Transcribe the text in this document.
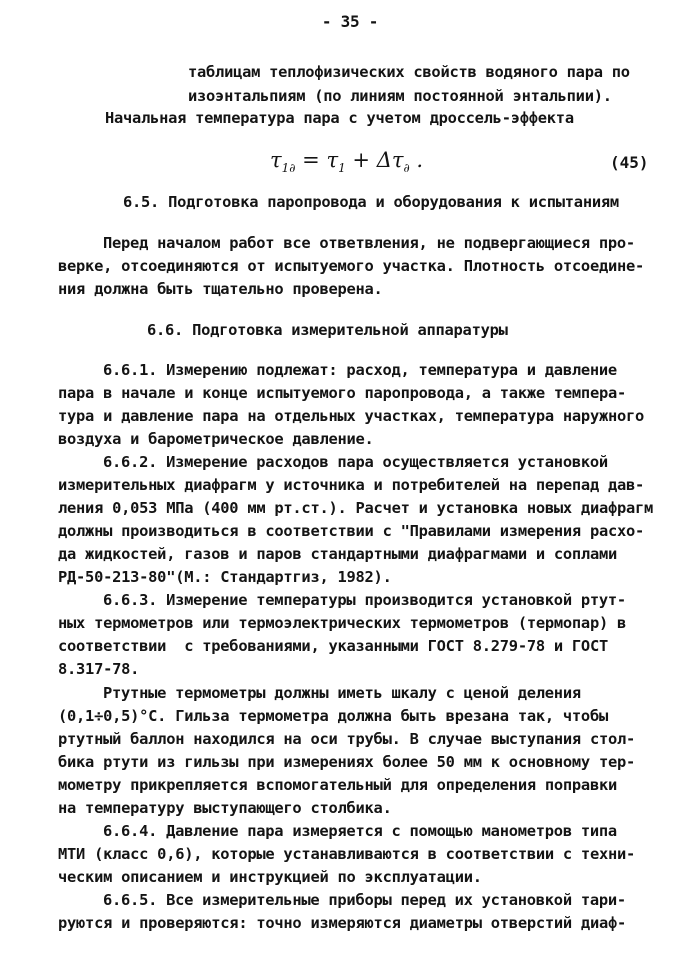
- 35 -
таблицам теплофизических свойств водяного пара по
изоэнтальпиям (по линиям постоянной энтальпии).
Начальная температура пара с учетом дроссель-эффекта
$\tau_{1\partial} = \tau_1 + \Delta\tau_\partial$ .	(45)
6.5. Подготовка паропровода и оборудования к испытаниям
Перед началом работ все ответвления, не подвергающиеся про-
верке, отсоединяются от испытуемого участка. Плотность отсоедине-
ния должна быть тщательно проверена.
6.6. Подготовка измерительной аппаратуры
6.6.1. Измерению подлежат: расход, температура и давление
пара в начале и конце испытуемого паропровода, а также темпера-
тура и давление пара на отдельных участках, температура наружного
воздуха и барометрическое давление.
6.6.2. Измерение расходов пара осуществляется установкой
измерительных диафрагм у источника и потребителей на перепад дав-
ления 0,053 МПа (400 мм рт.ст.). Расчет и установка новых диафрагм
должны производиться в соответствии с "Правилами измерения расхо-
да жидкостей, газов и паров стандартными диафрагмами и соплами
РД-50-213-80"(М.: Стандартгиз, 1982).
6.6.3. Измерение температуры производится установкой ртут-
ных термометров или термоэлектрических термометров (термопар) в
соответствии  с требованиями, указанными ГОСТ 8.279-78 и ГОСТ
8.317-78.
Ртутные термометры должны иметь шкалу с ценой деления
(0,1÷0,5)°С. Гильза термометра должна быть врезана так, чтобы
ртутный баллон находился на оси трубы. В случае выступания стол-
бика ртути из гильзы при измерениях более 50 мм к основному тер-
мометру прикрепляется вспомогательный для определения поправки
на температуру выступающего столбика.
6.6.4. Давление пара измеряется с помощью манометров типа
МТИ (класс 0,6), которые устанавливаются в соответствии с техни-
ческим описанием и инструкцией по эксплуатации.
6.6.5. Все измерительные приборы перед их установкой тари-
руются и проверяются: точно измеряются диаметры отверстий диаф-
